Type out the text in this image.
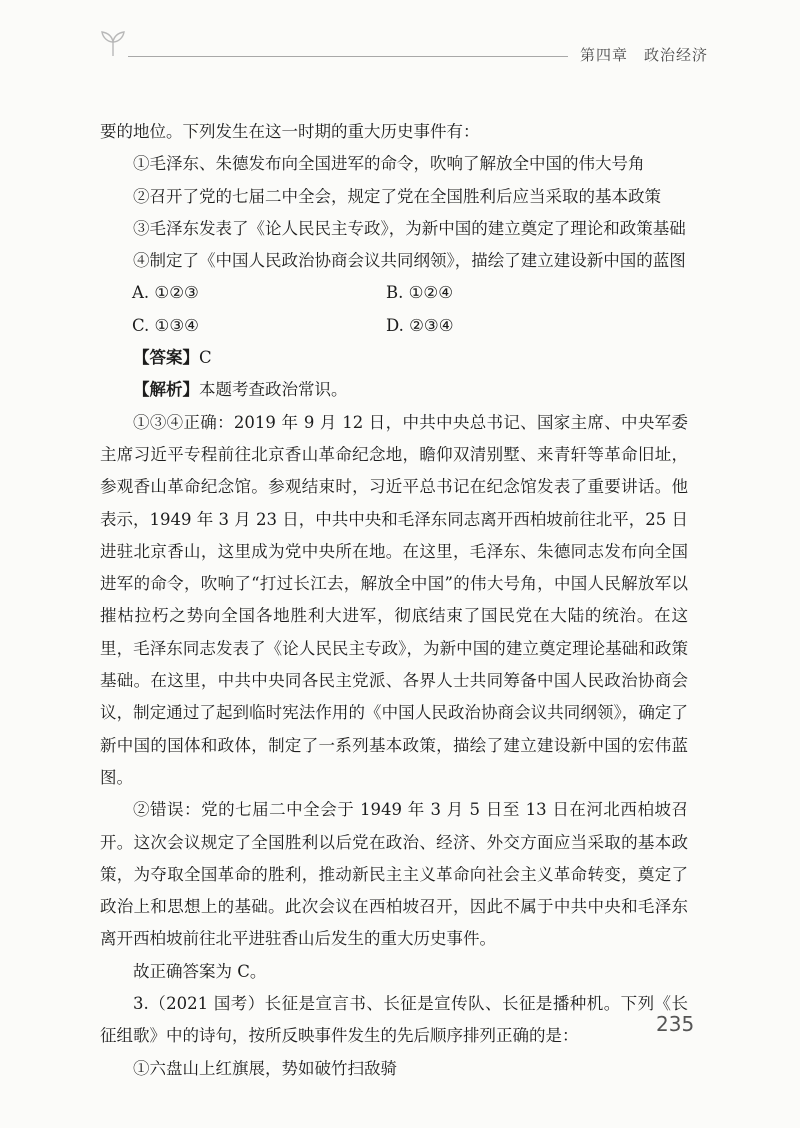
第四章　政治经济

要的地位。下列发生在这一时期的重大历史事件有：

①毛泽东、朱德发布向全国进军的命令，吹响了解放全中国的伟大号角

②召开了党的七届二中全会，规定了党在全国胜利后应当采取的基本政策

③毛泽东发表了《论人民民主专政》，为新中国的建立奠定了理论和政策基础

④制定了《中国人民政治协商会议共同纲领》，描绘了建立建设新中国的蓝图

A. ①②③	B. ①②④
C. ①③④	D. ②③④

【答案】C

【解析】本题考查政治常识。

①③④正确：2019 年 9 月 12 日，中共中央总书记、国家主席、中央军委主席习近平专程前往北京香山革命纪念地，瞻仰双清别墅、来青轩等革命旧址，参观香山革命纪念馆。参观结束时，习近平总书记在纪念馆发表了重要讲话。他表示，1949 年 3 月 23 日，中共中央和毛泽东同志离开西柏坡前往北平，25 日进驻北京香山，这里成为党中央所在地。在这里，毛泽东、朱德同志发布向全国进军的命令，吹响了“打过长江去，解放全中国”的伟大号角，中国人民解放军以摧枯拉朽之势向全国各地胜利大进军，彻底结束了国民党在大陆的统治。在这里，毛泽东同志发表了《论人民民主专政》，为新中国的建立奠定理论基础和政策基础。在这里，中共中央同各民主党派、各界人士共同筹备中国人民政治协商会议，制定通过了起到临时宪法作用的《中国人民政治协商会议共同纲领》，确定了新中国的国体和政体，制定了一系列基本政策，描绘了建立建设新中国的宏伟蓝图。

②错误：党的七届二中全会于 1949 年 3 月 5 日至 13 日在河北西柏坡召开。这次会议规定了全国胜利以后党在政治、经济、外交方面应当采取的基本政策，为夺取全国革命的胜利，推动新民主主义革命向社会主义革命转变，奠定了政治上和思想上的基础。此次会议在西柏坡召开，因此不属于中共中央和毛泽东离开西柏坡前往北平进驻香山后发生的重大历史事件。

故正确答案为 C。

3.（2021 国考）长征是宣言书、长征是宣传队、长征是播种机。下列《长征组歌》中的诗句，按所反映事件发生的先后顺序排列正确的是：

①六盘山上红旗展，势如破竹扫敌骑

235
